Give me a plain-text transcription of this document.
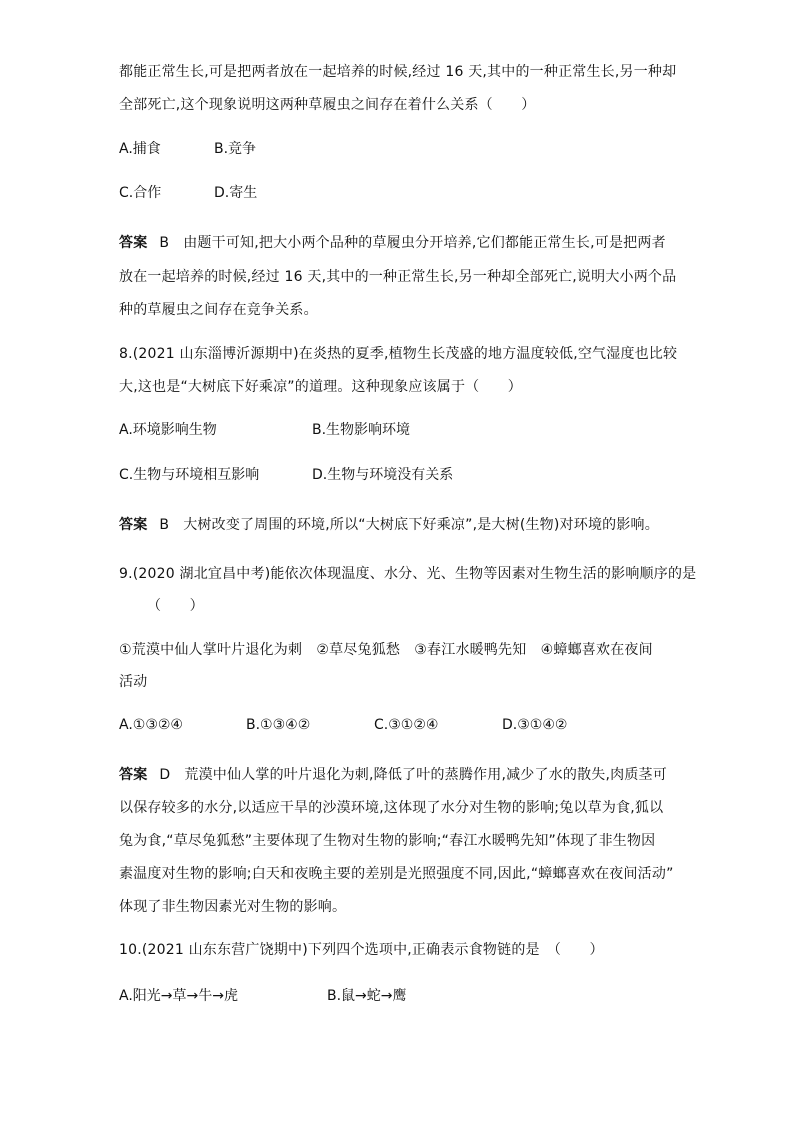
都能正常生长,可是把两者放在一起培养的时候,经过 16 天,其中的一种正常生长,另一种却
全部死亡,这个现象说明这两种草履虫之间存在着什么关系（　　）
A.捕食	B.竞争
C.合作	D.寄生
答案 B 由题干可知,把大小两个品种的草履虫分开培养,它们都能正常生长,可是把两者
放在一起培养的时候,经过 16 天,其中的一种正常生长,另一种却全部死亡,说明大小两个品
种的草履虫之间存在竞争关系。
8.(2021 山东淄博沂源期中)在炎热的夏季,植物生长茂盛的地方温度较低,空气湿度也比较
大,这也是“大树底下好乘凉”的道理。这种现象应该属于（　　）
A.环境影响生物	B.生物影响环境
C.生物与环境相互影响	D.生物与环境没有关系
答案 B 大树改变了周围的环境,所以“大树底下好乘凉”,是大树(生物)对环境的影响。
9.(2020 湖北宜昌中考)能依次体现温度、水分、光、生物等因素对生物生活的影响顺序的是
（　　）
①荒漠中仙人掌叶片退化为刺　②草尽兔狐愁　③春江水暖鸭先知　④蟑螂喜欢在夜间
活动
A.①③②④	B.①③④②	C.③①②④	D.③①④②
答案 D 荒漠中仙人掌的叶片退化为刺,降低了叶的蒸腾作用,减少了水的散失,肉质茎可
以保存较多的水分,以适应干旱的沙漠环境,这体现了水分对生物的影响;兔以草为食,狐以
兔为食,“草尽兔狐愁”主要体现了生物对生物的影响;“春江水暖鸭先知”体现了非生物因
素温度对生物的影响;白天和夜晚主要的差别是光照强度不同,因此,“蟑螂喜欢在夜间活动”
体现了非生物因素光对生物的影响。
10.(2021 山东东营广饶期中)下列四个选项中,正确表示食物链的是　（　　）
A.阳光→草→牛→虎	B.鼠→蛇→鹰
